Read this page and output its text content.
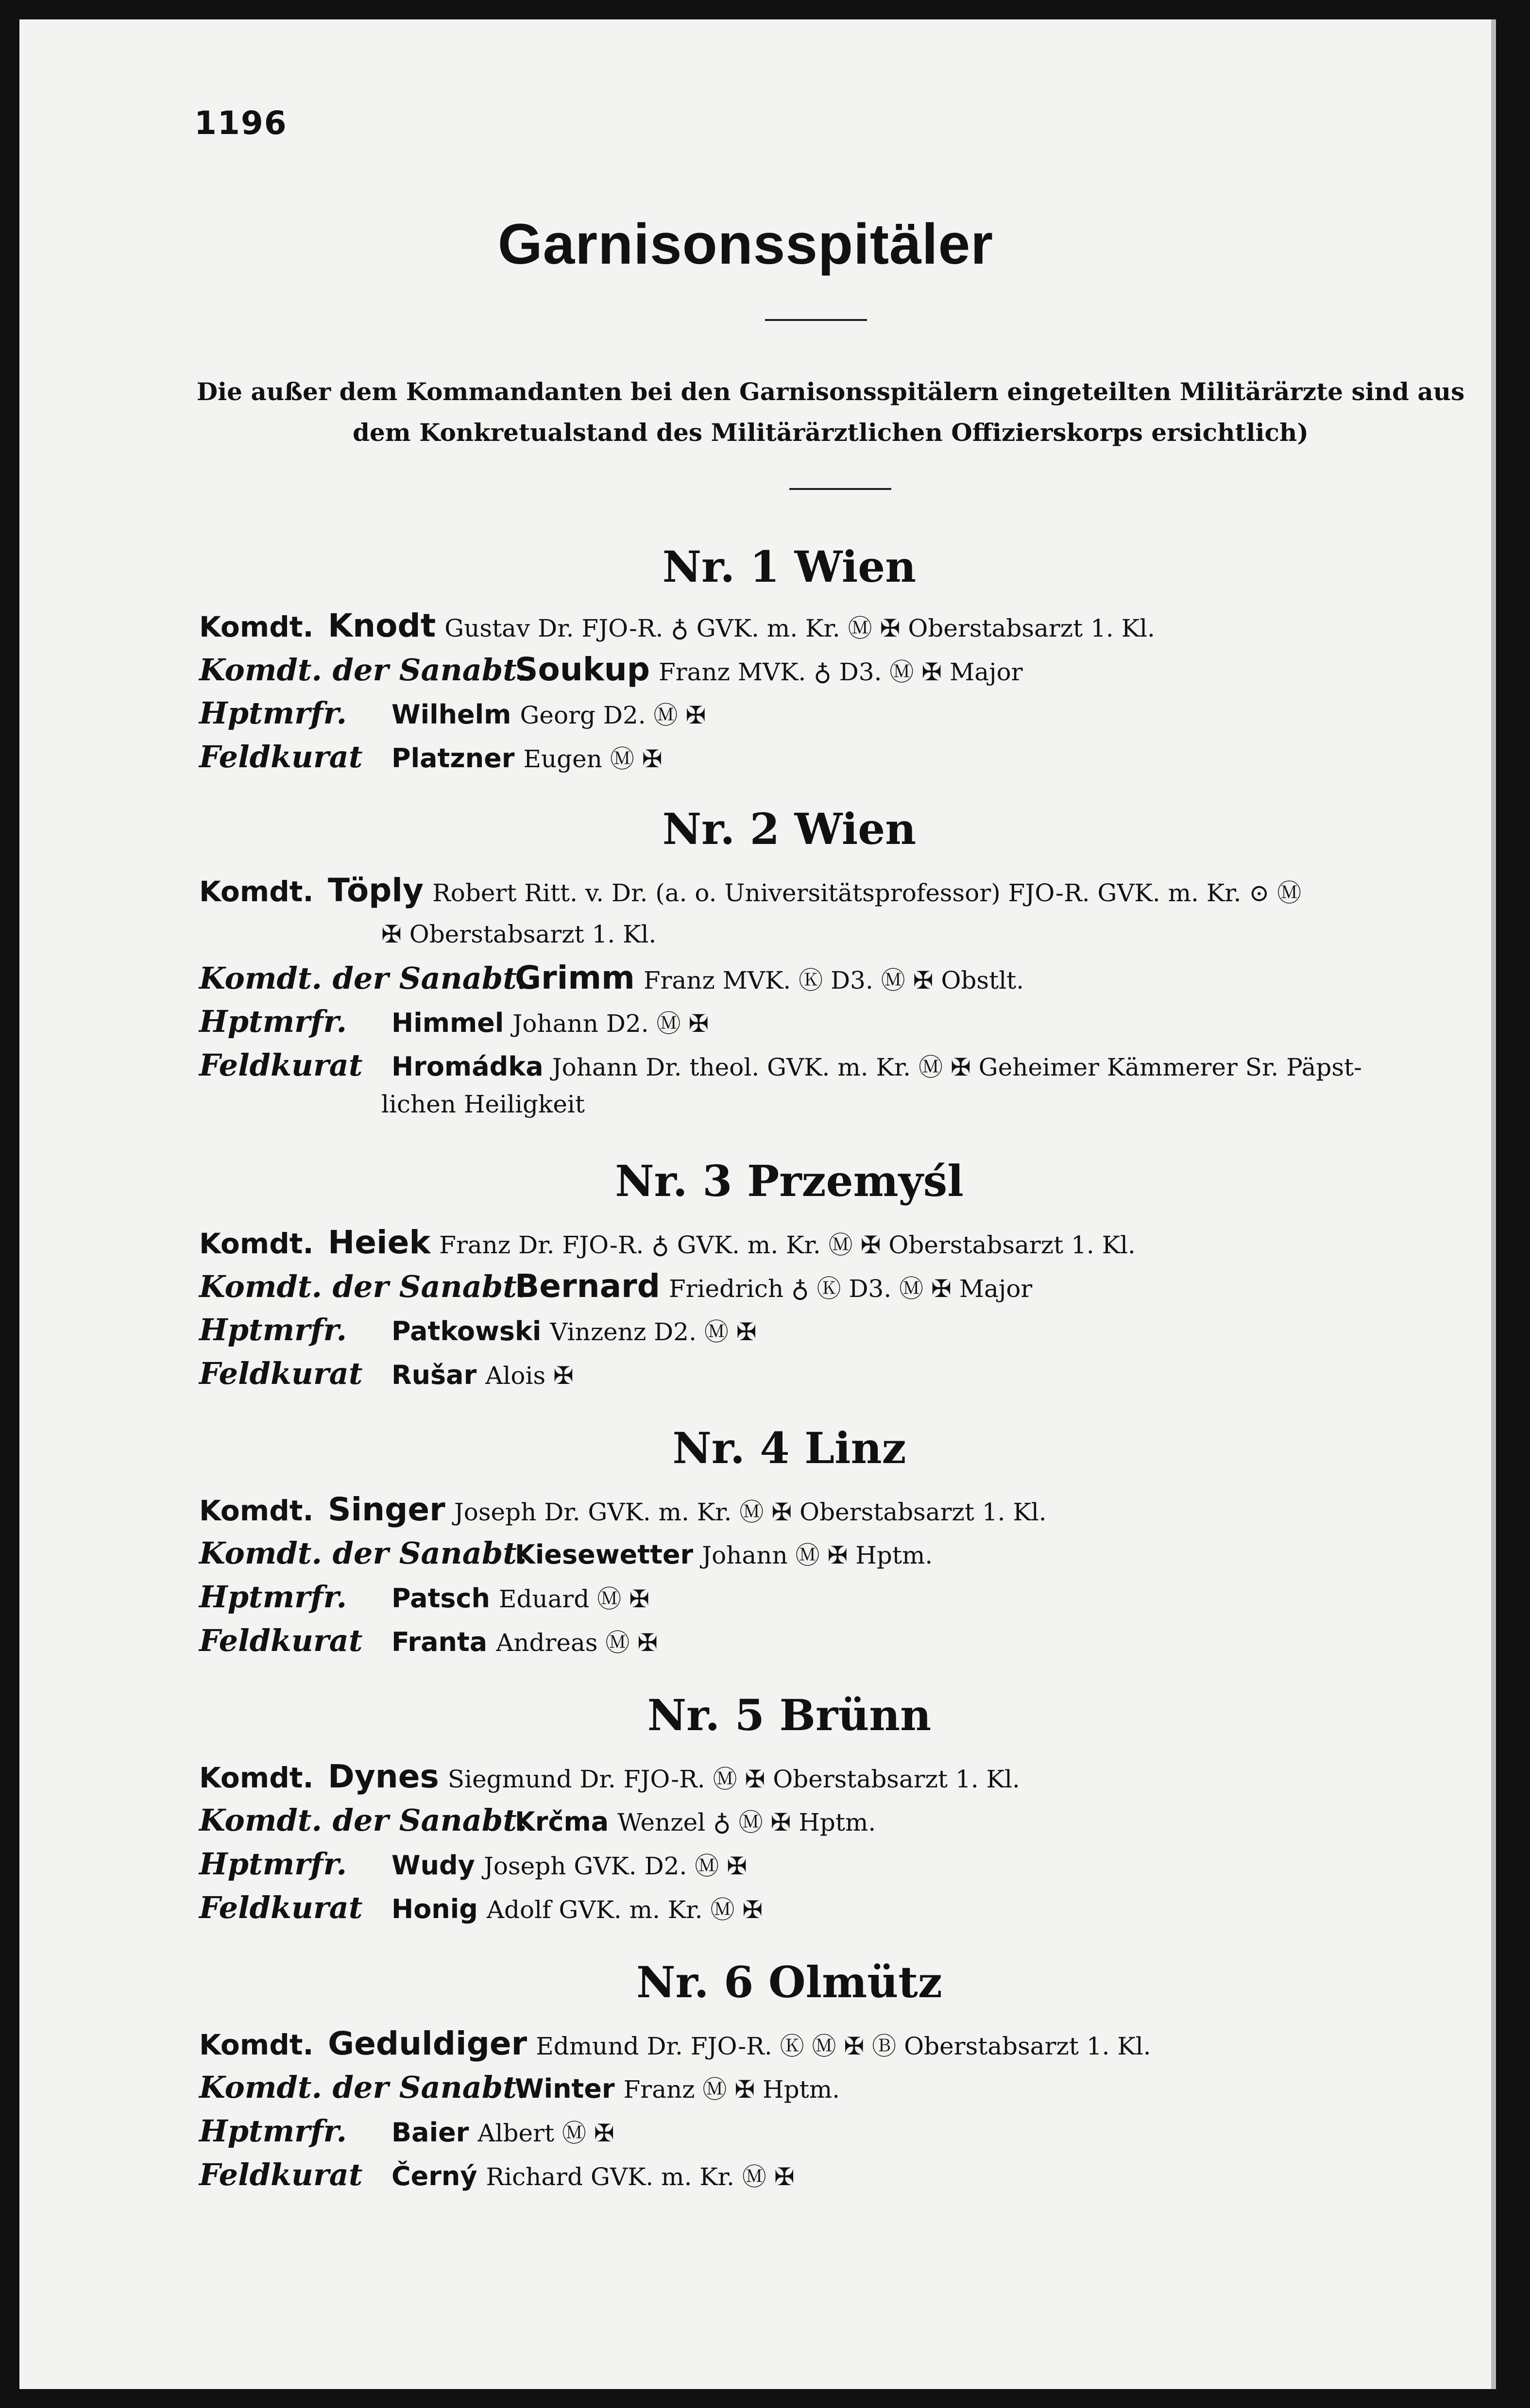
1196
Garnisonsspitäler
Die außer dem Kommandanten bei den Garnisonsspitälern eingeteilten Militärärzte sind aus dem Konkretualstand des Militärärztlichen Offizierskorps ersichtlich)
Nr. 1 Wien
Komdt. Knodt Gustav Dr. FJO-R. ♁ GVK. m. Kr. Ⓜ ✠ Oberstabsarzt 1. Kl.
Komdt. der Sanabt.Soukup Franz MVK. ♁ D3. Ⓜ ✠ Major
Hptmrfr. Wilhelm Georg D2. Ⓜ ✠
Feldkurat Platzner Eugen Ⓜ ✠
Nr. 2 Wien
Komdt. Töply Robert Ritt. v. Dr. (a. o. Universitätsprofessor) FJO-R. GVK. m. Kr. ⊙ Ⓜ
✠ Oberstabsarzt 1. Kl.
Komdt. der Sanabt.Grimm Franz MVK. Ⓚ D3. Ⓜ ✠ Obstlt.
Hptmrfr. Himmel Johann D2. Ⓜ ✠
Feldkurat Hromádka Johann Dr. theol. GVK. m. Kr. Ⓜ ✠ Geheimer Kämmerer Sr. Päpst-
lichen Heiligkeit
Nr. 3 Przemyśl
Komdt. Heiek Franz Dr. FJO-R. ♁ GVK. m. Kr. Ⓜ ✠ Oberstabsarzt 1. Kl.
Komdt. der Sanabt.Bernard Friedrich ♁ Ⓚ D3. Ⓜ ✠ Major
Hptmrfr. Patkowski Vinzenz D2. Ⓜ ✠
Feldkurat Rušar Alois ✠
Nr. 4 Linz
Komdt. Singer Joseph Dr. GVK. m. Kr. Ⓜ ✠ Oberstabsarzt 1. Kl.
Komdt. der Sanabt.Kiesewetter Johann Ⓜ ✠ Hptm.
Hptmrfr. Patsch Eduard Ⓜ ✠
Feldkurat Franta Andreas Ⓜ ✠
Nr. 5 Brünn
Komdt. Dynes Siegmund Dr. FJO-R. Ⓜ ✠ Oberstabsarzt 1. Kl.
Komdt. der Sanabt.Krčma Wenzel ♁ Ⓜ ✠ Hptm.
Hptmrfr. Wudy Joseph GVK. D2. Ⓜ ✠
Feldkurat Honig Adolf GVK. m. Kr. Ⓜ ✠
Nr. 6 Olmütz
Komdt. Geduldiger Edmund Dr. FJO-R. Ⓚ Ⓜ ✠ Ⓑ Oberstabsarzt 1. Kl.
Komdt. der Sanabt.Winter Franz Ⓜ ✠ Hptm.
Hptmrfr. Baier Albert Ⓜ ✠
Feldkurat Černý Richard GVK. m. Kr. Ⓜ ✠
